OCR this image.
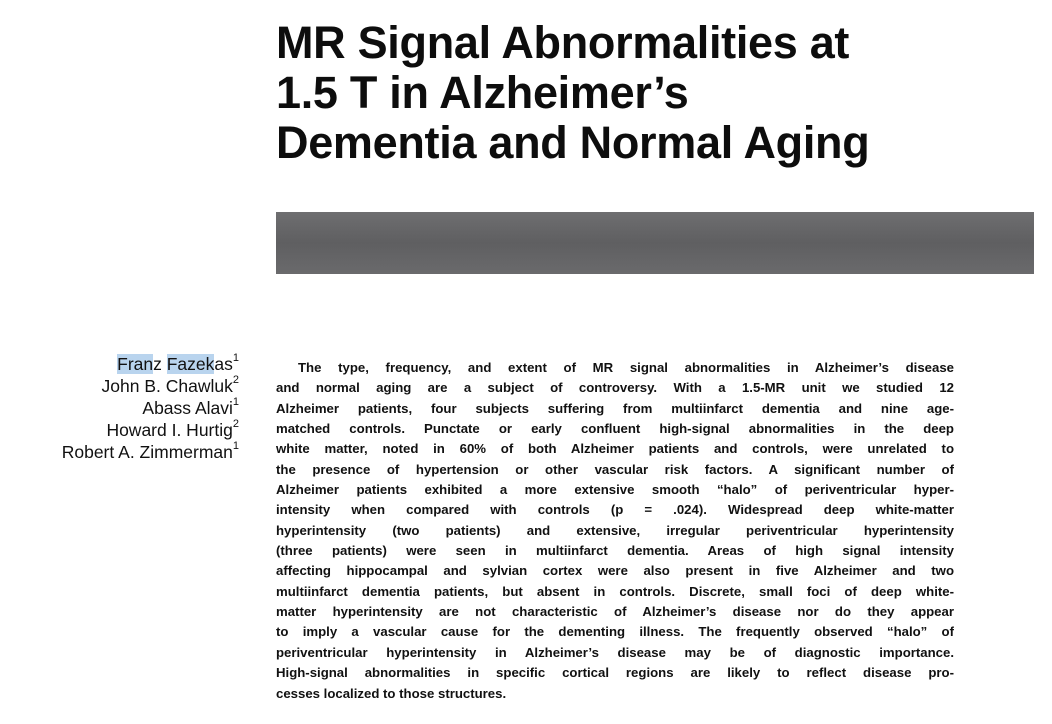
MR Signal Abnormalities at
1.5 T in Alzheimer’s
Dementia and Normal Aging
Franz Fazekas$^1$
John B. Chawluk$^2$
Abass Alavi$^1$
Howard I. Hurtig$^2$
Robert A. Zimmerman$^1$
The type, frequency, and extent of MR signal abnormalities in Alzheimer’s disease
and normal aging are a subject of controversy. With a 1.5-MR unit we studied 12
Alzheimer patients, four subjects suffering from multiinfarct dementia and nine age-
matched controls. Punctate or early confluent high-signal abnormalities in the deep
white matter, noted in 60% of both Alzheimer patients and controls, were unrelated to
the presence of hypertension or other vascular risk factors. A significant number of
Alzheimer patients exhibited a more extensive smooth “halo” of periventricular hyper-
intensity when compared with controls (p = .024). Widespread deep white-matter
hyperintensity (two patients) and extensive, irregular periventricular hyperintensity
(three patients) were seen in multiinfarct dementia. Areas of high signal intensity
affecting hippocampal and sylvian cortex were also present in five Alzheimer and two
multiinfarct dementia patients, but absent in controls. Discrete, small foci of deep white-
matter hyperintensity are not characteristic of Alzheimer’s disease nor do they appear
to imply a vascular cause for the dementing illness. The frequently observed “halo” of
periventricular hyperintensity in Alzheimer’s disease may be of diagnostic importance.
High-signal abnormalities in specific cortical regions are likely to reflect disease pro-
cesses localized to those structures.
